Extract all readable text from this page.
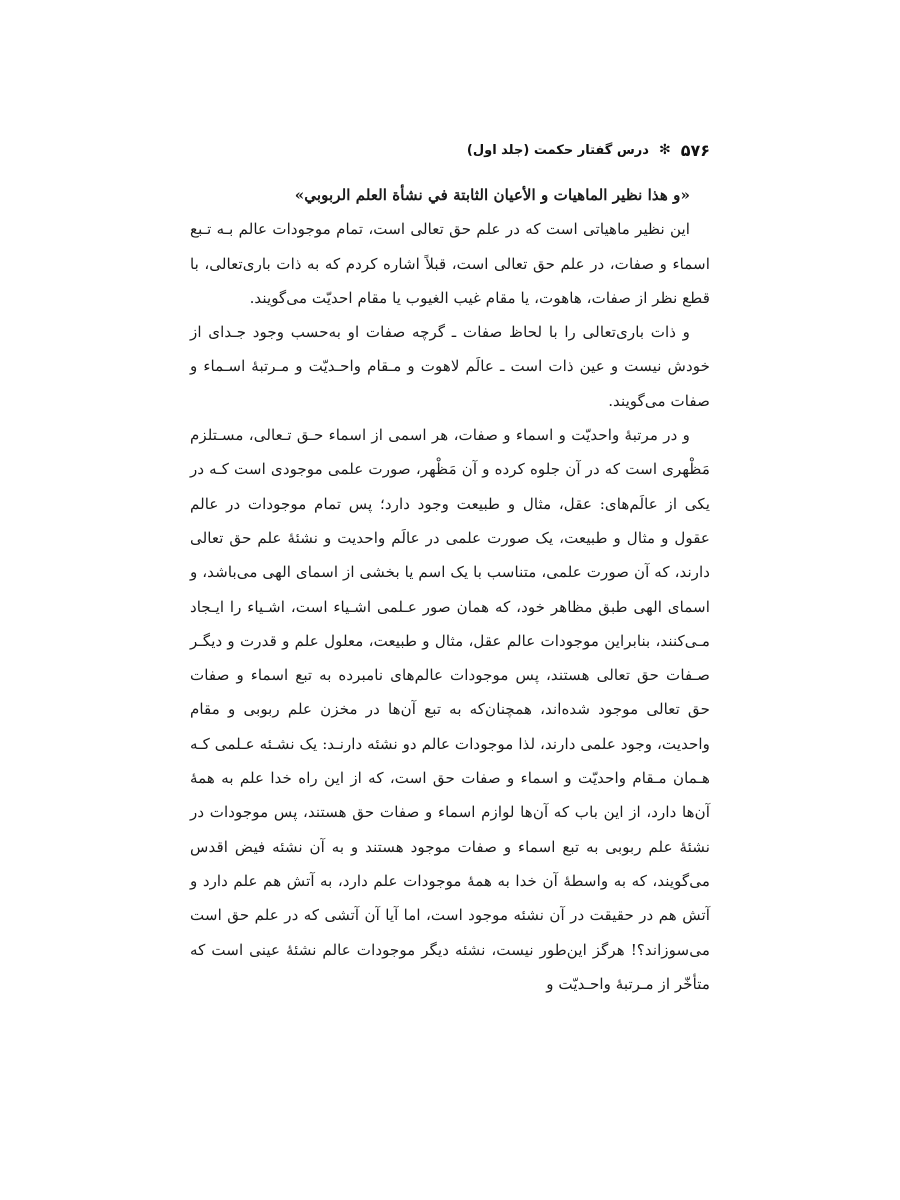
۵۷۶
✻
درس گفتار حکمت (جلد اول)

«و هذا نظير الماهيات و الأعيان الثابتة في نشأة العلم الربوبي»

این نظیر ماهیاتی است که در علم حق تعالی است، تمام موجودات عالم بـه تـبع اسماء و صفات، در علم حق تعالی است، قبلاً اشاره کردم که به ذات باری‌تعالی، با قطع نظر از صفات، هاهوت، یا مقام غیب الغیوب یا مقام احدیّت می‌گویند.

و ذات باری‌تعالی را با لحاظ صفات ـ گرچه صفات او به‌حسب وجود جـدای از خودش نیست و عین ذات است ـ عالَم لاهوت و مـقام واحـدیّت و مـرتبهٔ اسـماء و صفات می‌گویند.

و در مرتبهٔ واحدیّت و اسماء و صفات، هر اسمی از اسماء حـق تـعالی، مسـتلزم مَظْهری است که در آن جلوه کرده و آن مَظْهر، صورت علمی موجودی است کـه در یکی از عالَم‌های: عقل، مثال و طبیعت وجود دارد؛ پس تمام موجودات در عالم عقول و مثال و طبیعت، یک صورت علمی در عالَم واحدیت و نشئهٔ علم حق تعالی دارند، که آن صورت علمی، متناسب با یک اسم یا بخشی از اسمای الهی می‌باشد، و اسمای الهی طبق مظاهر خود، که همان صور عـلمی اشـیاء است، اشـیاء را ایـجاد مـی‌کنند، بنابراین موجودات عالم عقل، مثال و طبیعت، معلول علم و قدرت و دیگـر صـفات حق تعالی هستند، پس موجودات عالم‌های نامبرده به تبع اسماء و صفات حق تعالی موجود شده‌اند، همچنان‌که به تبع آن‌ها در مخزن علم ربوبی و مقام واحدیت، وجود علمی دارند، لذا موجودات عالم دو نشئه دارنـد: یک نشـئه عـلمی کـه هـمان مـقام واحدیّت و اسماء و صفات حق است، که از این راه خدا علم به همهٔ آن‌ها دارد، از این باب که آن‌ها لوازم اسماء و صفات حق هستند، پس موجودات در نشئهٔ علم ربوبی به تبع اسماء و صفات موجود هستند و به آن نشئه فیض اقدس می‌گویند، که به واسطهٔ آن خدا به همهٔ موجودات علم دارد، به آتش هم علم دارد و آتش هم در حقیقت در آن نشئه موجود است، اما آیا آن آتشی که در علم حق است می‌سوزاند؟! هرگز این‌طور نیست، نشئه دیگر موجودات عالم نشئهٔ عینی است که متأخّر از مـرتبهٔ واحـدیّت و
